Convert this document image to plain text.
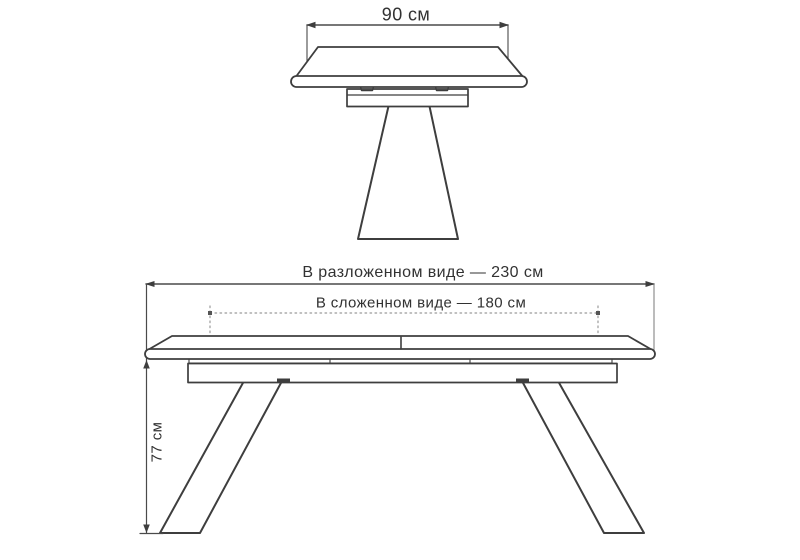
90 см
В разложенном виде — 230 см
В сложенном виде — 180 см
77 см
